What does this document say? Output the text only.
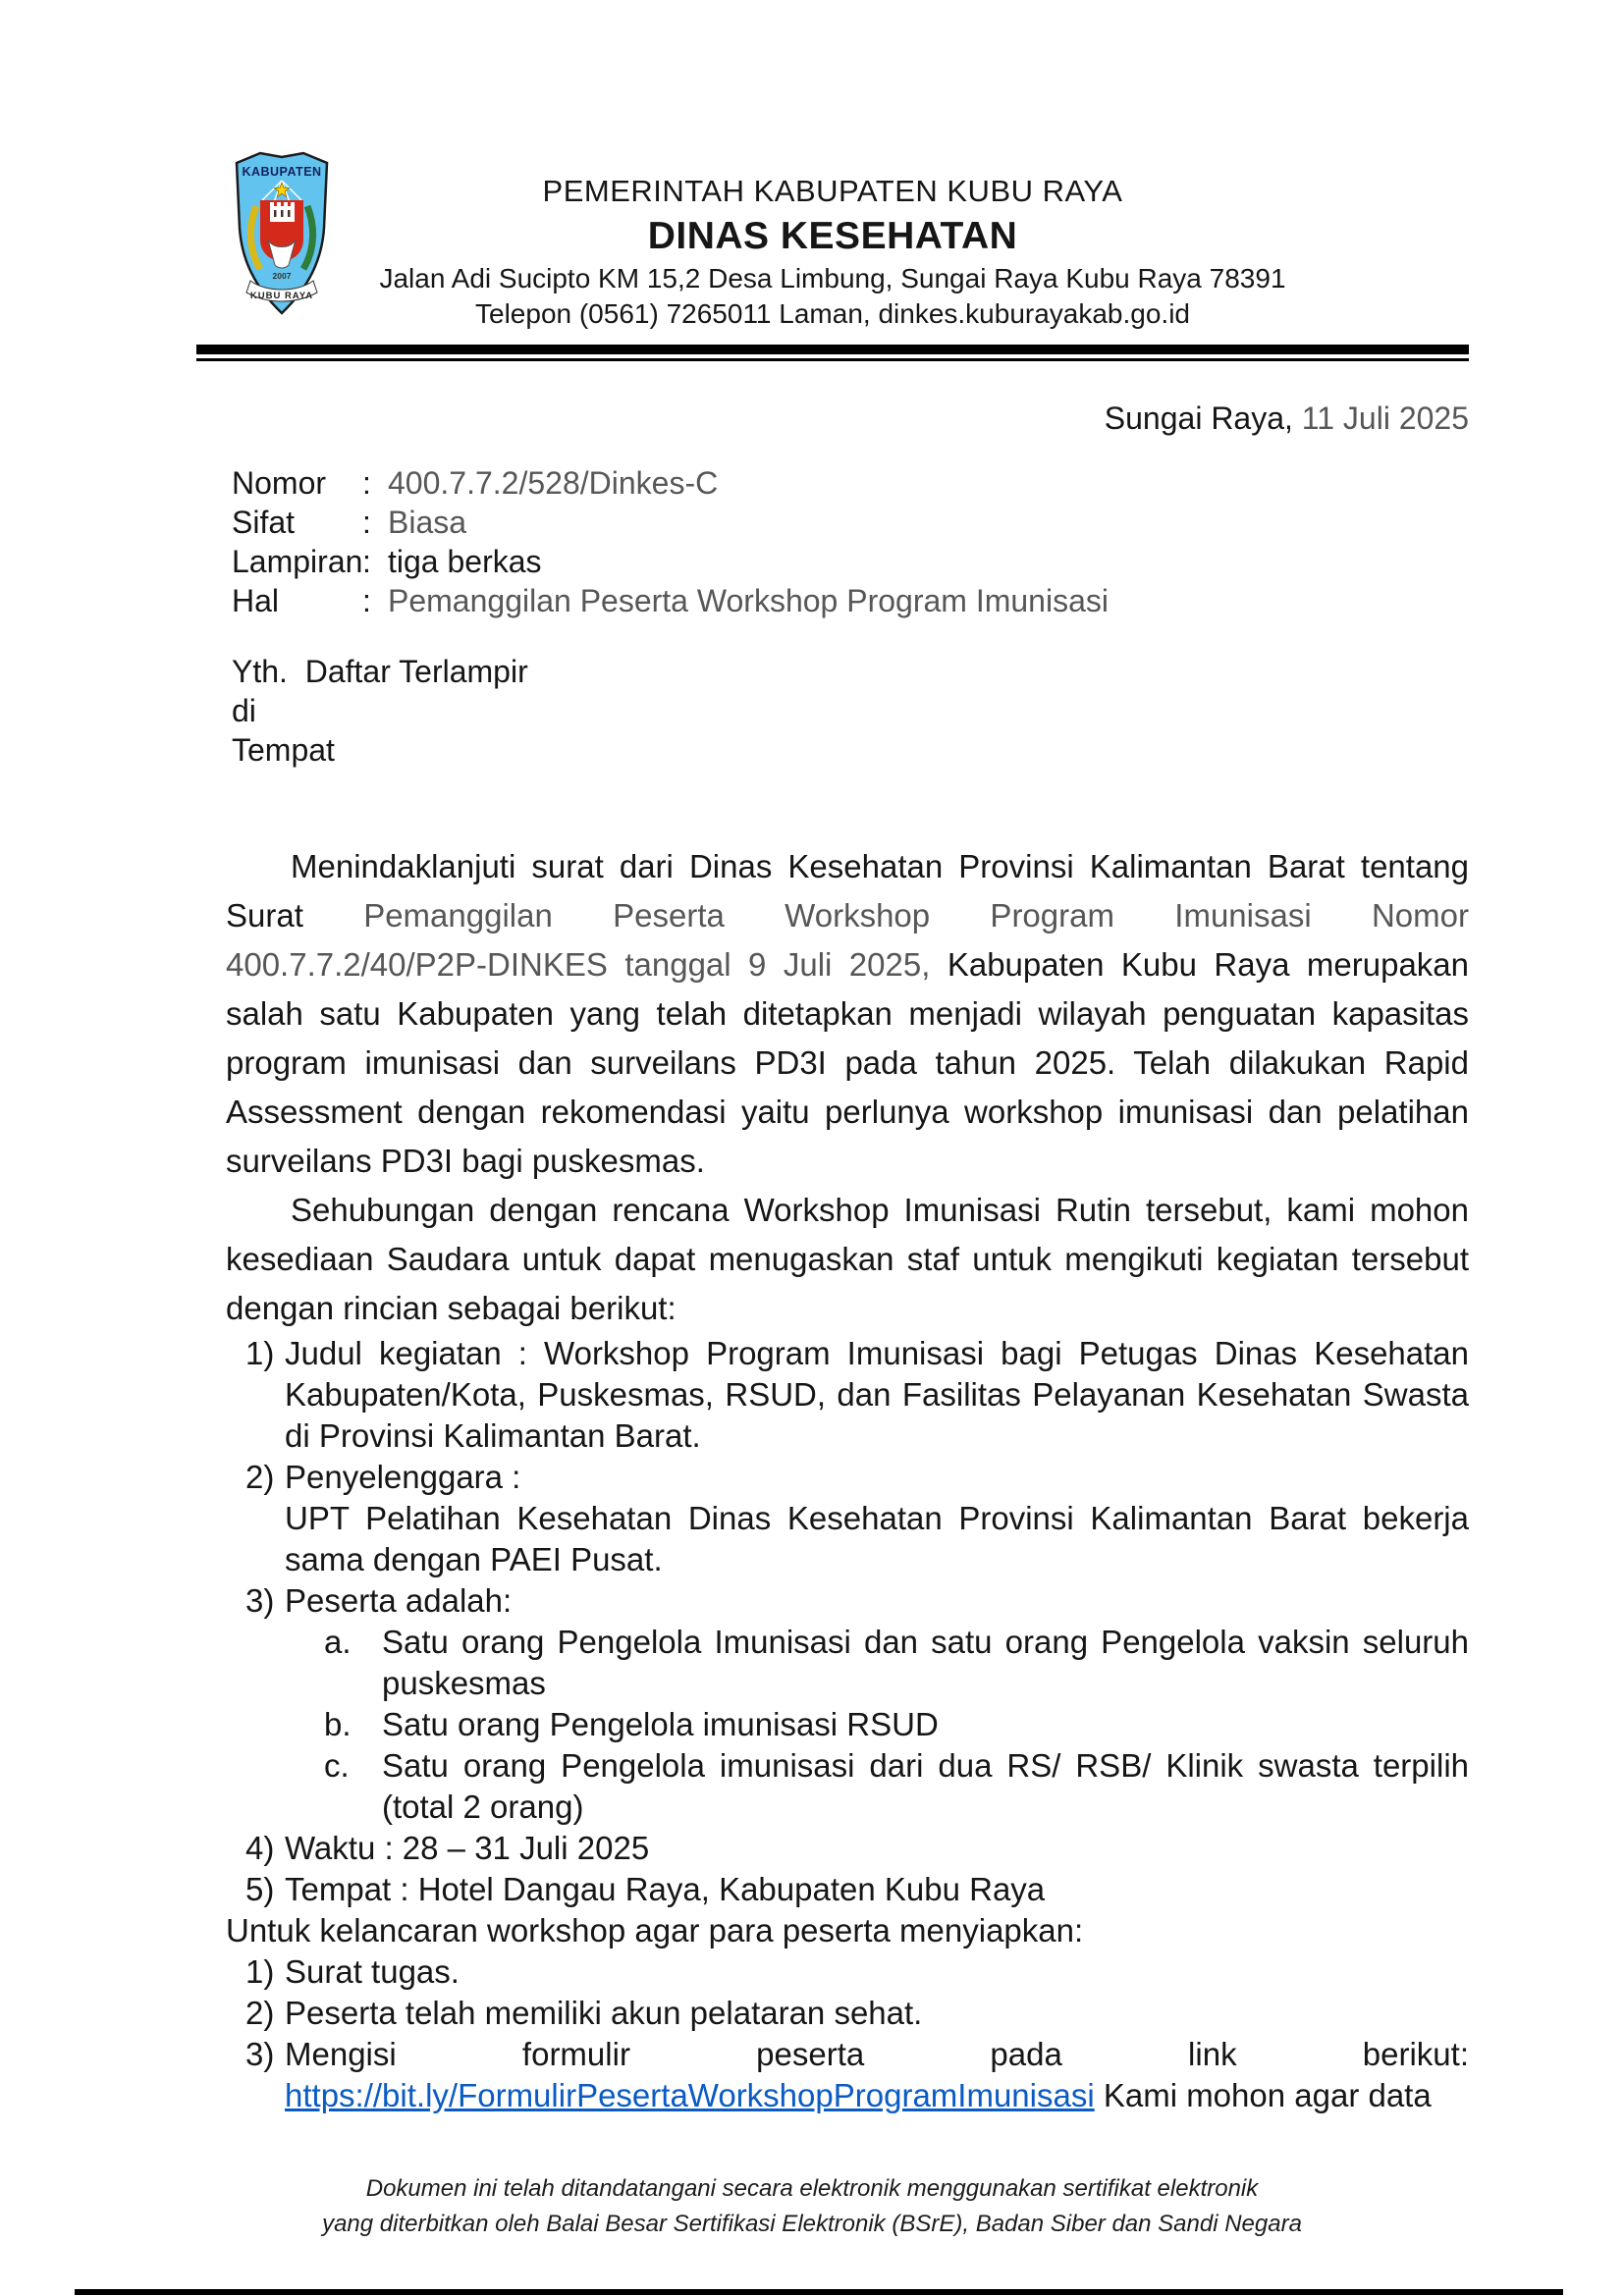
KABUPATEN
2007
KUBU RAYA
PEMERINTAH KABUPATEN KUBU RAYA
DINAS KESEHATAN
Jalan Adi Sucipto KM 15,2 Desa Limbung, Sungai Raya Kubu Raya 78391
Telepon (0561) 7265011 Laman, dinkes.kuburayakab.go.id
Sungai Raya, 11 Juli 2025
Nomor	: 400.7.7.2/528/Dinkes-C
Sifat	: Biasa
Lampiran : tiga berkas
Hal	: Pemanggilan Peserta Workshop Program Imunisasi
Yth.  Daftar Terlampir
di
Tempat

Menindaklanjuti surat dari Dinas Kesehatan Provinsi Kalimantan Barat tentang Surat Pemanggilan Peserta Workshop Program Imunisasi Nomor 400.7.7.2/40/P2P-DINKES tanggal 9 Juli 2025, Kabupaten Kubu Raya merupakan salah satu Kabupaten yang telah ditetapkan menjadi wilayah penguatan kapasitas program imunisasi dan surveilans PD3I pada tahun 2025. Telah dilakukan Rapid Assessment dengan rekomendasi yaitu perlunya workshop imunisasi dan pelatihan surveilans PD3I bagi puskesmas.

Sehubungan dengan rencana Workshop Imunisasi Rutin tersebut, kami mohon kesediaan Saudara untuk dapat menugaskan staf untuk mengikuti kegiatan tersebut dengan rincian sebagai berikut:

1) Judul kegiatan : Workshop Program Imunisasi bagi Petugas Dinas Kesehatan Kabupaten/Kota, Puskesmas, RSUD, dan Fasilitas Pelayanan Kesehatan Swasta di Provinsi Kalimantan Barat.
2) Penyelenggara :
UPT Pelatihan Kesehatan Dinas Kesehatan Provinsi Kalimantan Barat bekerja sama dengan PAEI Pusat.
3) Peserta adalah:
a. Satu orang Pengelola Imunisasi dan satu orang Pengelola vaksin seluruh puskesmas
b. Satu orang Pengelola imunisasi RSUD
c.	Satu orang Pengelola imunisasi dari dua RS/ RSB/ Klinik swasta terpilih (total 2 orang)
4) Waktu : 28 – 31 Juli 2025
5) Tempat : Hotel Dangau Raya, Kabupaten Kubu Raya
Untuk kelancaran workshop agar para peserta menyiapkan:
1) Surat tugas.
2) Peserta telah memiliki akun pelataran sehat.
3) Mengisi formulir peserta pada link berikut: https://bit.ly/FormulirPesertaWorkshopProgramImunisasi Kami mohon agar data
Dokumen ini telah ditandatangani secara elektronik menggunakan sertifikat elektronik
yang diterbitkan oleh Balai Besar Sertifikasi Elektronik (BSrE), Badan Siber dan Sandi Negara
